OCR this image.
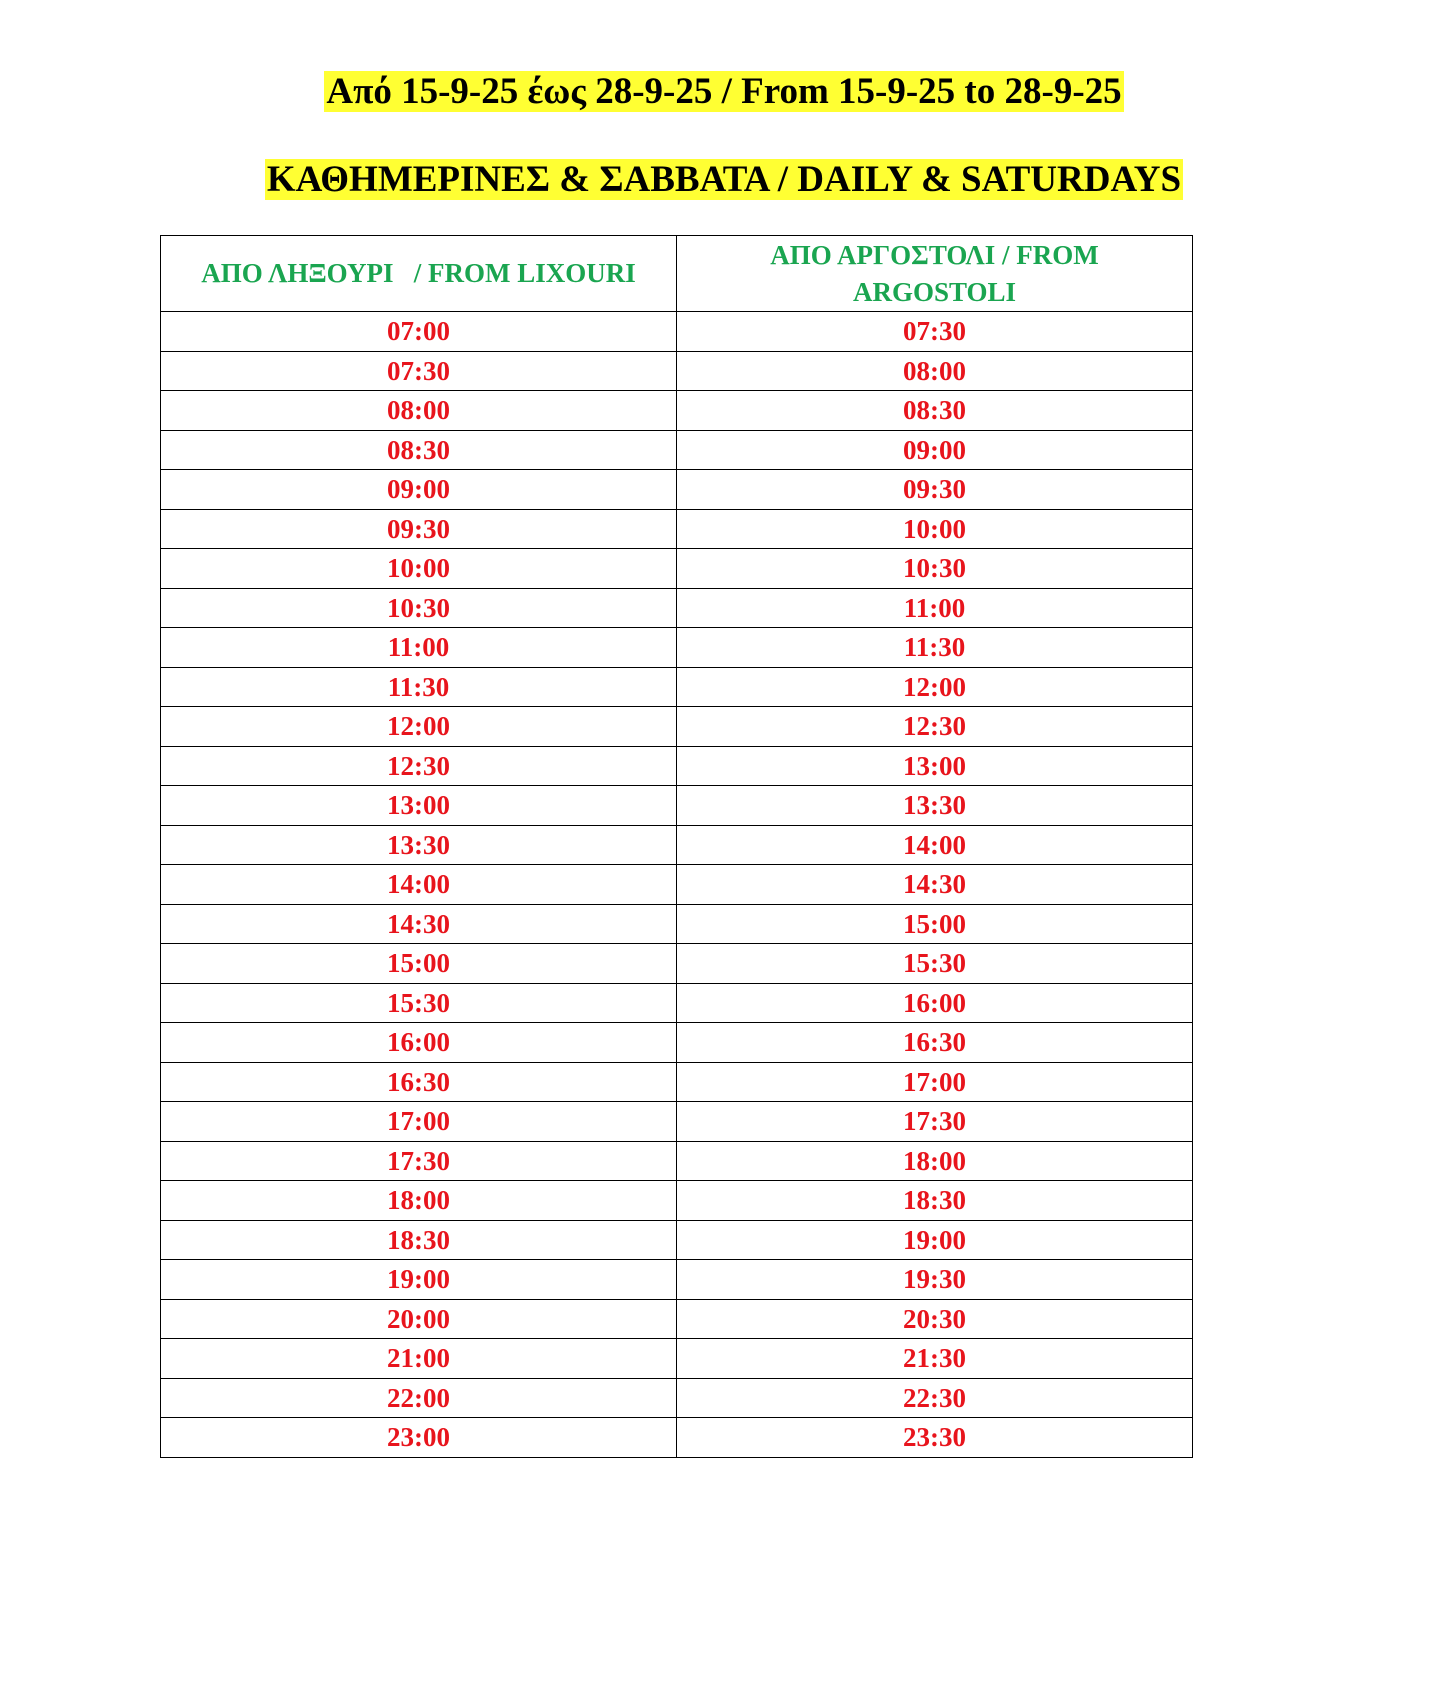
Από 15-9-25 έως 28-9-25 / From 15-9-25 to 28-9-25
ΚΑΘΗΜΕΡΙΝΕΣ & ΣΑΒΒΑΤΑ / DAILY & SATURDAYS
ΑΠΟ ΛΗΞΟΥΡΙ   / FROM LIXOURI	ΑΠΟ ΑΡΓΟΣΤΟΛΙ / FROM ARGOSTOLI
07:00	07:30
07:30	08:00
08:00	08:30
08:30	09:00
09:00	09:30
09:30	10:00
10:00	10:30
10:30	11:00
11:00	11:30
11:30	12:00
12:00	12:30
12:30	13:00
13:00	13:30
13:30	14:00
14:00	14:30
14:30	15:00
15:00	15:30
15:30	16:00
16:00	16:30
16:30	17:00
17:00	17:30
17:30	18:00
18:00	18:30
18:30	19:00
19:00	19:30
20:00	20:30
21:00	21:30
22:00	22:30
23:00	23:30
